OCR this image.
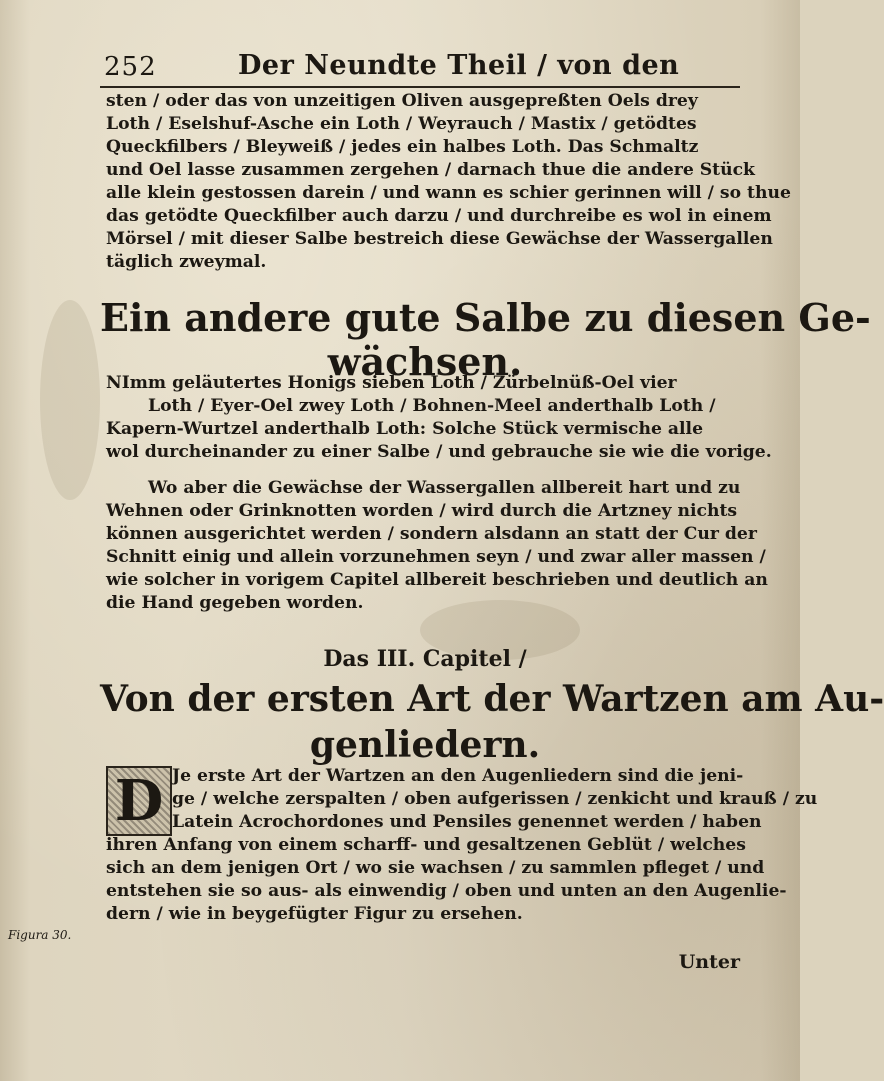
252	Der Neundte Theil / von den
sten / oder das von unzeitigen Oliven ausgepreßten Oels drey
Loth / Eselshuf-Asche ein Loth / Weyrauch / Mastix / getödtes
Queckfilbers / Bleyweiß / jedes ein halbes Loth. Das Schmaltz
und Oel lasse zusammen zergehen / darnach thue die andere Stück
alle klein gestossen darein / und wann es schier gerinnen will / so thue
das getödte Queckfilber auch darzu / und durchreibe es wol in einem
Mörsel / mit dieser Salbe bestreich diese Gewächse der Wassergallen
täglich zweymal.
Ein andere gute Salbe zu diesen Ge-
wächsen.
NImm geläutertes Honigs sieben Loth / Zürbelnüß-Oel vier
Loth / Eyer-Oel zwey Loth / Bohnen-Meel anderthalb Loth /
Kapern-Wurtzel anderthalb Loth: Solche Stück vermische alle
wol durcheinander zu einer Salbe / und gebrauche sie wie die vorige.
Wo aber die Gewächse der Wassergallen allbereit hart und zu
Wehnen oder Grinknotten worden / wird durch die Artzney nichts
können ausgerichtet werden / sondern alsdann an statt der Cur der
Schnitt einig und allein vorzunehmen seyn / und zwar aller massen /
wie solcher in vorigem Capitel allbereit beschrieben und deutlich an
die Hand gegeben worden.
Das III. Capitel /
Von der ersten Art der Wartzen am Au-
genliedern.
D Je erste Art der Wartzen an den Augenliedern sind die jeni-
ge / welche zerspalten / oben aufgerissen / zenkicht und krauß / zu
Latein Acrochordones und Pensiles genennet werden / haben
ihren Anfang von einem scharff- und gesaltzenen Geblüt / welches
sich an dem jenigen Ort / wo sie wachsen / zu sammlen pfleget / und
entstehen sie so aus- als einwendig / oben und unten an den Augenlie-
dern / wie in beygefügter Figur zu ersehen.
Figura 30.
Unter
